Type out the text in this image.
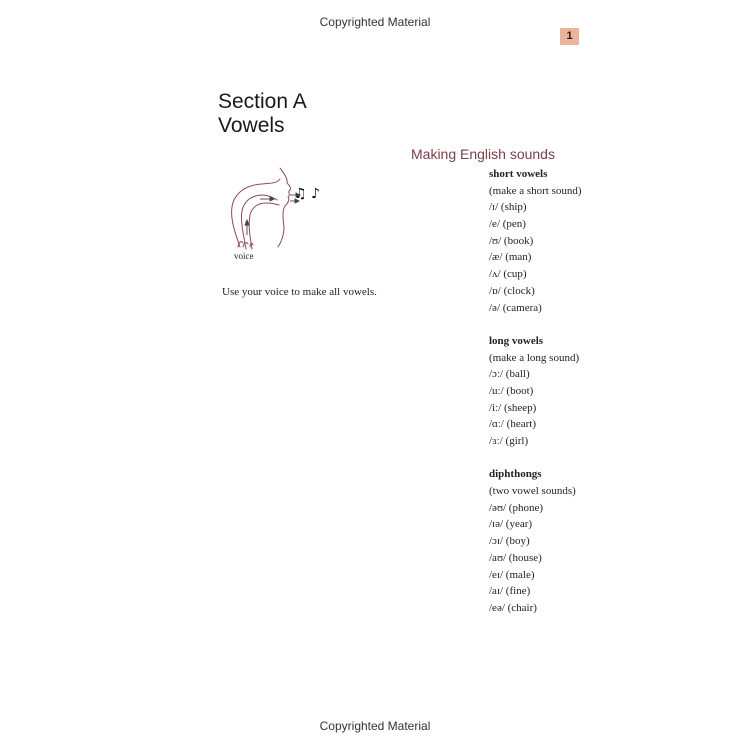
Copyrighted Material
1
Section A
Vowels
Making English sounds
♫ ♪
voice

Use your voice to make all vowels.

short vowels
(make a short sound)
/ɪ/ (ship)
/e/ (pen)
/ʊ/ (book)
/æ/ (man)
/ʌ/ (cup)
/ɒ/ (clock)
/ə/ (camera)
long vowels
(make a long sound)
/ɔː/ (ball)
/uː/ (boot)
/iː/ (sheep)
/ɑː/ (heart)
/ɜː/ (girl)
diphthongs
(two vowel sounds)
/əʊ/ (phone)
/ɪə/ (year)
/ɔɪ/ (boy)
/aʊ/ (house)
/eɪ/ (male)
/aɪ/ (fine)
/eə/ (chair)
Copyrighted Material
